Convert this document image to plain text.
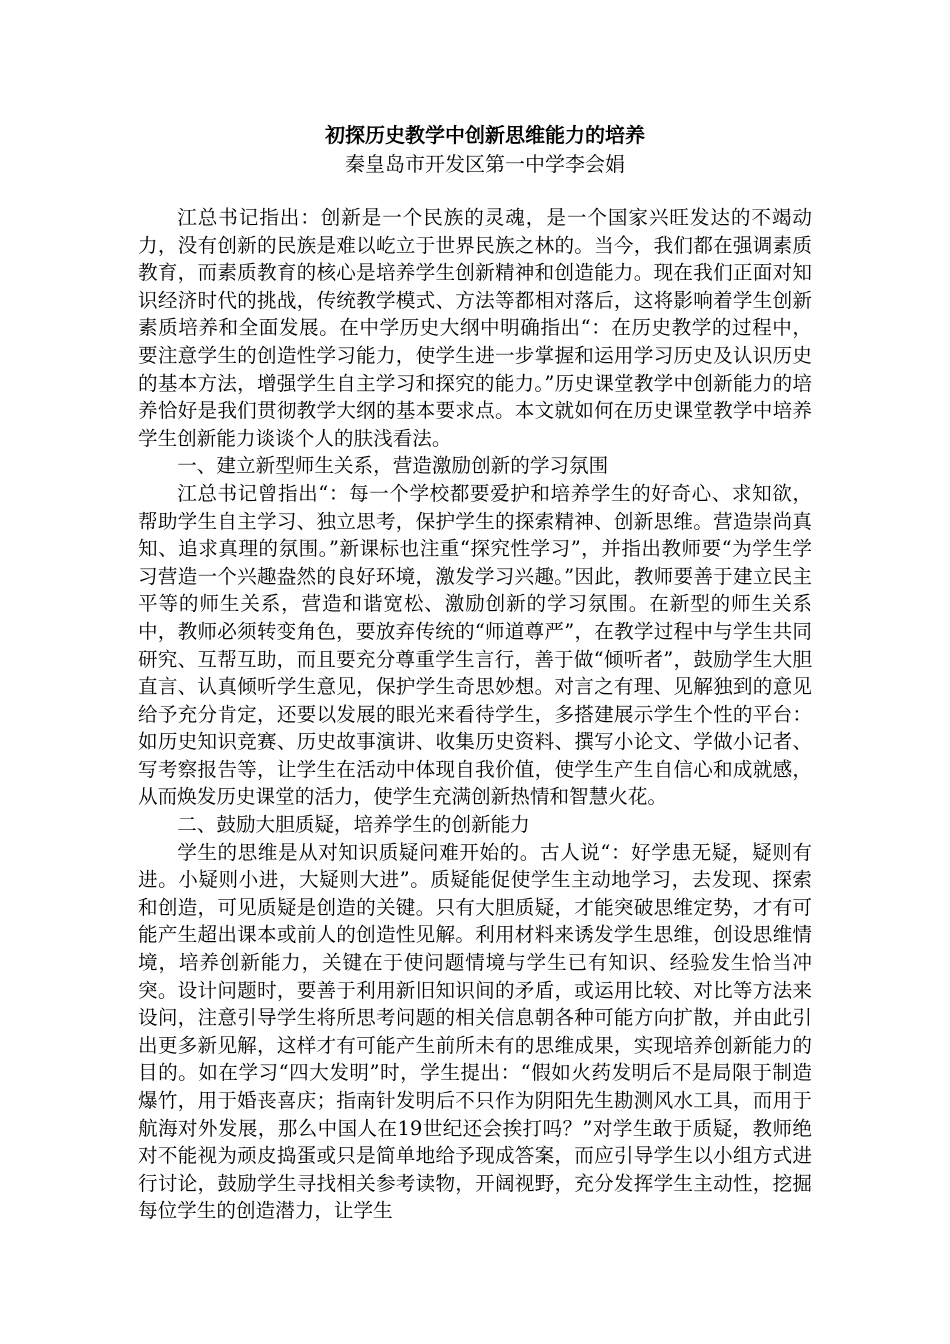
初探历史教学中创新思维能力的培养

秦皇岛市开发区第一中学李会娟

江总书记指出：创新是一个民族的灵魂，是一个国家兴旺发达的不竭动力，没有创新的民族是难以屹立于世界民族之林的。当今，我们都在强调素质教育，而素质教育的核心是培养学生创新精神和创造能力。现在我们正面对知识经济时代的挑战，传统教学模式、方法等都相对落后，这将影响着学生创新素质培养和全面发展。在中学历史大纲中明确指出“：在历史教学的过程中，要注意学生的创造性学习能力，使学生进一步掌握和运用学习历史及认识历史的基本方法，增强学生自主学习和探究的能力。”历史课堂教学中创新能力的培养恰好是我们贯彻教学大纲的基本要求点。本文就如何在历史课堂教学中培养学生创新能力谈谈个人的肤浅看法。

一、建立新型师生关系，营造激励创新的学习氛围

江总书记曾指出“：每一个学校都要爱护和培养学生的好奇心、求知欲，帮助学生自主学习、独立思考，保护学生的探索精神、创新思维。营造崇尚真知、追求真理的氛围。”新课标也注重“探究性学习”，并指出教师要“为学生学习营造一个兴趣盎然的良好环境，激发学习兴趣。”因此，教师要善于建立民主平等的师生关系，营造和谐宽松、激励创新的学习氛围。在新型的师生关系中，教师必须转变角色，要放弃传统的“师道尊严”，在教学过程中与学生共同研究、互帮互助，而且要充分尊重学生言行，善于做“倾听者”，鼓励学生大胆直言、认真倾听学生意见，保护学生奇思妙想。对言之有理、见解独到的意见给予充分肯定，还要以发展的眼光来看待学生，多搭建展示学生个性的平台：如历史知识竞赛、历史故事演讲、收集历史资料、撰写小论文、学做小记者、写考察报告等，让学生在活动中体现自我价值，使学生产生自信心和成就感，从而焕发历史课堂的活力，使学生充满创新热情和智慧火花。

二、鼓励大胆质疑，培养学生的创新能力

学生的思维是从对知识质疑问难开始的。古人说“：好学患无疑，疑则有进。小疑则小进，大疑则大进”。质疑能促使学生主动地学习，去发现、探索和创造，可见质疑是创造的关键。只有大胆质疑，才能突破思维定势，才有可能产生超出课本或前人的创造性见解。利用材料来诱发学生思维，创设思维情境，培养创新能力，关键在于使问题情境与学生已有知识、经验发生恰当冲突。设计问题时，要善于利用新旧知识间的矛盾，或运用比较、对比等方法来设问，注意引导学生将所思考问题的相关信息朝各种可能方向扩散，并由此引出更多新见解，这样才有可能产生前所未有的思维成果，实现培养创新能力的目的。如在学习“四大发明”时，学生提出：“假如火药发明后不是局限于制造爆竹，用于婚丧喜庆；指南针发明后不只作为阴阳先生勘测风水工具，而用于航海对外发展，那么中国人在19世纪还会挨打吗？”对学生敢于质疑，教师绝对不能视为顽皮捣蛋或只是简单地给予现成答案，而应引导学生以小组方式进行讨论，鼓励学生寻找相关参考读物，开阔视野，充分发挥学生主动性，挖掘每位学生的创造潜力，让学生
